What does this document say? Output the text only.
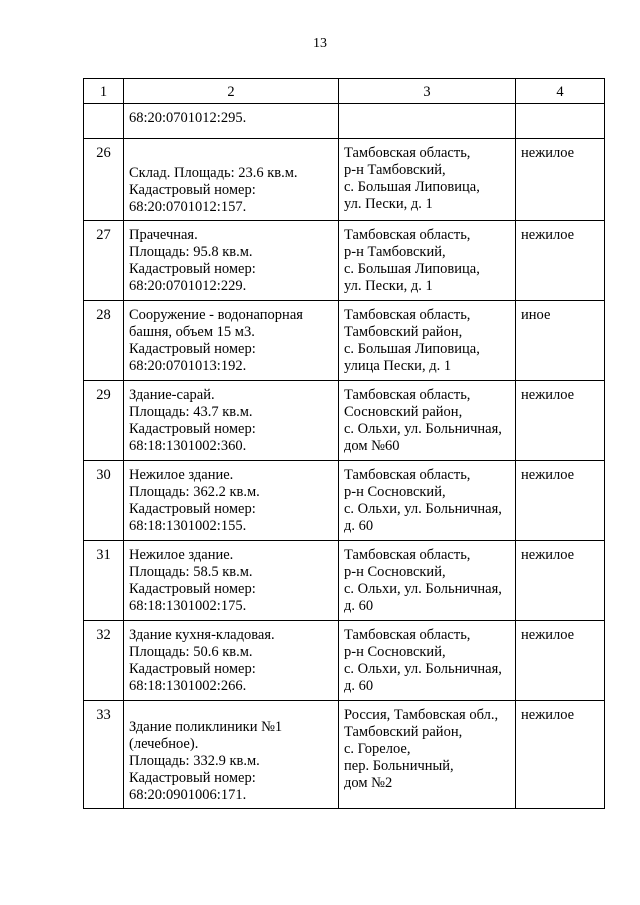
13
1	2	3	4

	68:20:0701012:295.		

26	Склад. Площадь: 23.6 кв.м.
Кадастровый номер:
68:20:0701012:157.	Тамбовская область,
р-н Тамбовский,
с. Большая Липовица,
ул. Пески, д. 1	нежилое
27	Прачечная.
Площадь: 95.8 кв.м.
Кадастровый номер:
68:20:0701012:229.	Тамбовская область,
р-н Тамбовский,
с. Большая Липовица,
ул. Пески, д. 1	нежилое
28	Сооружение - водонапорная
башня, объем 15 м3.
Кадастровый номер:
68:20:0701013:192.	Тамбовская область,
Тамбовский район,
с. Большая Липовица,
улица Пески, д. 1	иное
29	Здание-сарай.
Площадь: 43.7 кв.м.
Кадастровый номер:
68:18:1301002:360.	Тамбовская область,
Сосновский район,
с. Ольхи, ул. Больничная,
дом №60	нежилое
30	Нежилое здание.
Площадь: 362.2 кв.м.
Кадастровый номер:
68:18:1301002:155.	Тамбовская область,
р-н Сосновский,
с. Ольхи, ул. Больничная,
д. 60	нежилое
31	Нежилое здание.
Площадь: 58.5 кв.м.
Кадастровый номер:
68:18:1301002:175.	Тамбовская область,
р-н Сосновский,
с. Ольхи, ул. Больничная,
д. 60	нежилое
32	Здание кухня-кладовая.
Площадь: 50.6 кв.м.
Кадастровый номер:
68:18:1301002:266.	Тамбовская область,
р-н Сосновский,
с. Ольхи, ул. Больничная,
д. 60	нежилое
33	Здание поликлиники №1
(лечебное).
Площадь: 332.9 кв.м.
Кадастровый номер:
68:20:0901006:171.	Россия, Тамбовская обл.,
Тамбовский район,
с. Горелое,
пер. Больничный,
дом №2	нежилое
